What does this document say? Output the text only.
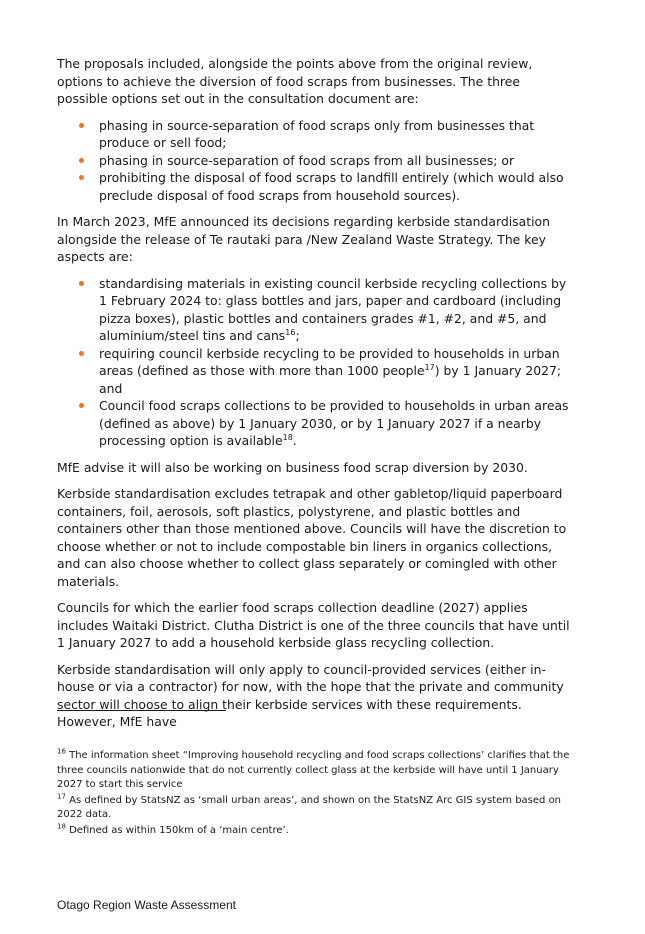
The proposals included, alongside the points above from the original review, options to achieve the diversion of food scraps from businesses. The three possible options set out in the consultation document are:

phasing in source-separation of food scraps only from businesses that produce or sell food;
phasing in source-separation of food scraps from all businesses; or
prohibiting the disposal of food scraps to landfill entirely (which would also preclude disposal of food scraps from household sources).

In March 2023, MfE announced its decisions regarding kerbside standardisation alongside the release of Te rautaki para /New Zealand Waste Strategy. The key aspects are:

standardising materials in existing council kerbside recycling collections by 1 February 2024 to: glass bottles and jars, paper and cardboard (including pizza boxes), plastic bottles and containers grades #1, #2, and #5, and aluminium/steel tins and cans$^{16}$;
requiring council kerbside recycling to be provided to households in urban areas (defined as those with more than 1000 people$^{17}$) by 1 January 2027; and
Council food scraps collections to be provided to households in urban areas (defined as above) by 1 January 2030, or by 1 January 2027 if a nearby processing option is available$^{18}$.

MfE advise it will also be working on business food scrap diversion by 2030.

Kerbside standardisation excludes tetrapak and other gabletop/liquid paperboard containers, foil, aerosols, soft plastics, polystyrene, and plastic bottles and containers other than those mentioned above. Councils will have the discretion to choose whether or not to include compostable bin liners in organics collections, and can also choose whether to collect glass separately or comingled with other materials.

Councils for which the earlier food scraps collection deadline (2027) applies includes Waitaki District. Clutha District is one of the three councils that have until 1 January 2027 to add a household kerbside glass recycling collection.

Kerbside standardisation will only apply to council-provided services (either in-house or via a contractor) for now, with the hope that the private and community sector will choose to align their kerbside services with these requirements. However, MfE have

$^{16}$ The information sheet “Improving household recycling and food scraps collections’ clarifies that the three councils nationwide that do not currently collect glass at the kerbside will have until 1 January 2027 to start this service

$^{17}$ As defined by StatsNZ as ‘small urban areas’, and shown on the StatsNZ Arc GIS system based on 2022 data.

$^{18}$ Defined as within 150km of a ‘main centre’.

Otago Region Waste Assessment
